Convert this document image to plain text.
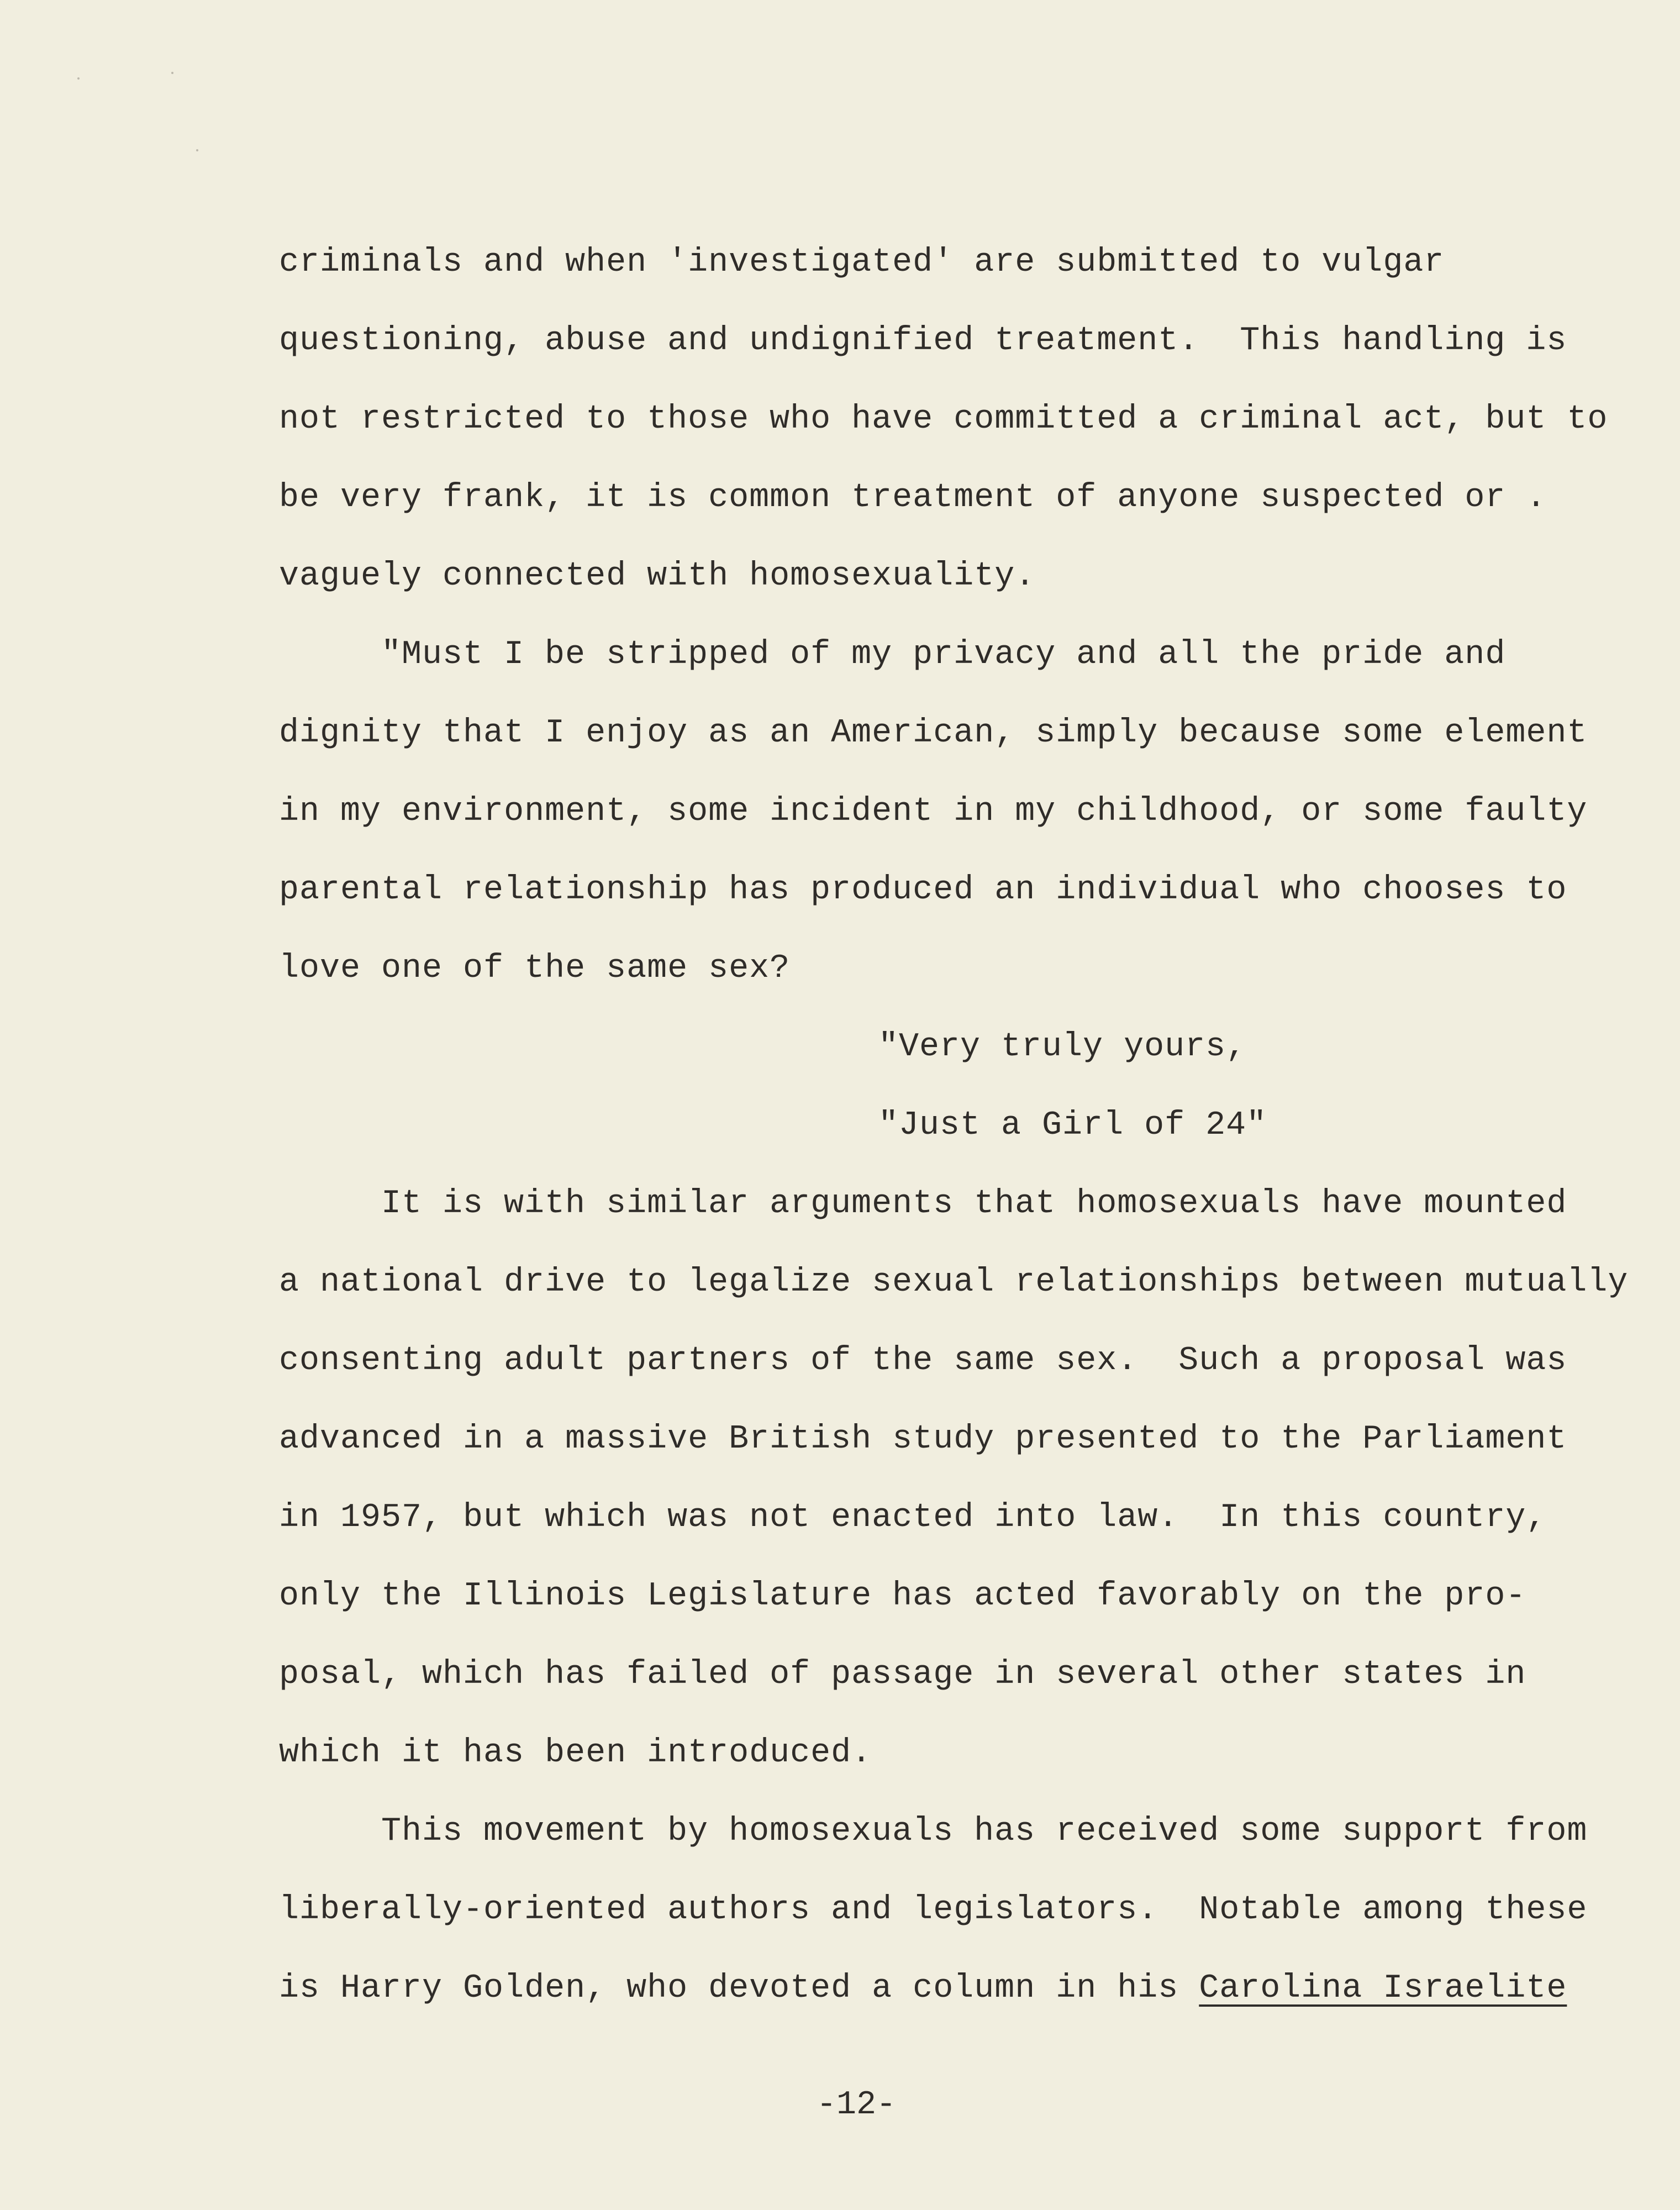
criminals and when 'investigated' are submitted to vulgar
questioning, abuse and undignified treatment.  This handling is
not restricted to those who have committed a criminal act, but to
be very frank, it is common treatment of anyone suspected or .
vaguely connected with homosexuality.
"Must I be stripped of my privacy and all the pride and
dignity that I enjoy as an American, simply because some element
in my environment, some incident in my childhood, or some faulty
parental relationship has produced an individual who chooses to
love one of the same sex?
"Very truly yours,
"Just a Girl of 24"
It is with similar arguments that homosexuals have mounted
a national drive to legalize sexual relationships between mutually
consenting adult partners of the same sex.  Such a proposal was
advanced in a massive British study presented to the Parliament
in 1957, but which was not enacted into law.  In this country,
only the Illinois Legislature has acted favorably on the pro-
posal, which has failed of passage in several other states in
which it has been introduced.
This movement by homosexuals has received some support from
liberally-oriented authors and legislators.  Notable among these
is Harry Golden, who devoted a column in his Carolina Israelite
-12-
